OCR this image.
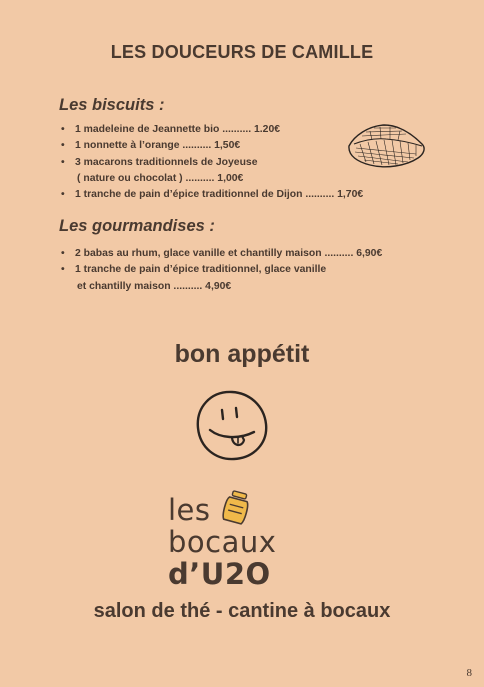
LES DOUCEURS DE CAMILLE
Les biscuits :
• 1 madeleine de Jeannette bio .......... 1.20€
• 1 nonnette à l’orange .......... 1,50€
• 3 macarons traditionnels de Joyeuse
( nature ou chocolat ) .......... 1,00€
• 1 tranche de pain d’épice traditionnel de Dijon .......... 1,70€
Les gourmandises :
• 2 babas au rhum, glace vanille et chantilly maison .......... 6,90€
• 1 tranche de pain d’épice traditionnel, glace vanille
et chantilly maison .......... 4,90€
bon appétit
les
bocaux
d’U2O
salon de thé - cantine à bocaux
8
